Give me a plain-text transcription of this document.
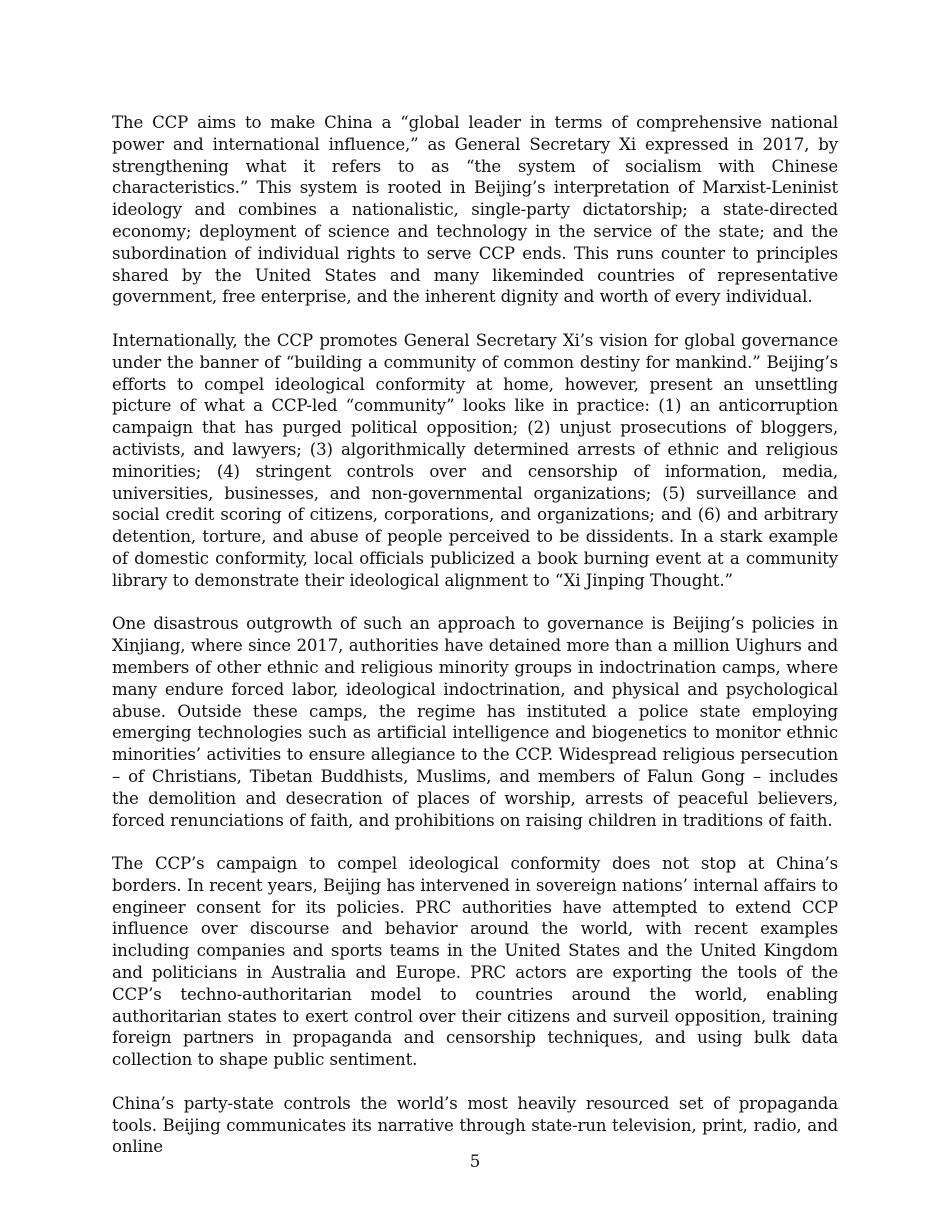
The CCP aims to make China a “global leader in terms of comprehensive national power and international influence,” as General Secretary Xi expressed in 2017, by strengthening what it refers to as “the system of socialism with Chinese characteristics.” This system is rooted in Beijing’s interpretation of Marxist-Leninist ideology and combines a nationalistic, single-party dictatorship; a state-directed economy; deployment of science and technology in the service of the state; and the subordination of individual rights to serve CCP ends. This runs counter to principles shared by the United States and many likeminded countries of representative government, free enterprise, and the inherent dignity and worth of every individual.

Internationally, the CCP promotes General Secretary Xi’s vision for global governance under the banner of “building a community of common destiny for mankind.” Beijing’s efforts to compel ideological conformity at home, however, present an unsettling picture of what a CCP-led “community” looks like in practice: (1) an anticorruption campaign that has purged political opposition; (2) unjust prosecutions of bloggers, activists, and lawyers; (3) algorithmically determined arrests of ethnic and religious minorities; (4) stringent controls over and censorship of information, media, universities, businesses, and non-governmental organizations; (5) surveillance and social credit scoring of citizens, corporations, and organizations; and (6) and arbitrary detention, torture, and abuse of people perceived to be dissidents. In a stark example of domestic conformity, local officials publicized a book burning event at a community library to demonstrate their ideological alignment to “Xi Jinping Thought.”

One disastrous outgrowth of such an approach to governance is Beijing’s policies in Xinjiang, where since 2017, authorities have detained more than a million Uighurs and members of other ethnic and religious minority groups in indoctrination camps, where many endure forced labor, ideological indoctrination, and physical and psychological abuse. Outside these camps, the regime has instituted a police state employing emerging technologies such as artificial intelligence and biogenetics to monitor ethnic minorities’ activities to ensure allegiance to the CCP. Widespread religious persecution – of Christians, Tibetan Buddhists, Muslims, and members of Falun Gong – includes the demolition and desecration of places of worship, arrests of peaceful believers, forced renunciations of faith, and prohibitions on raising children in traditions of faith.

The CCP’s campaign to compel ideological conformity does not stop at China’s borders. In recent years, Beijing has intervened in sovereign nations’ internal affairs to engineer consent for its policies. PRC authorities have attempted to extend CCP influence over discourse and behavior around the world, with recent examples including companies and sports teams in the United States and the United Kingdom and politicians in Australia and Europe. PRC actors are exporting the tools of the CCP’s techno-authoritarian model to countries around the world, enabling authoritarian states to exert control over their citizens and surveil opposition, training foreign partners in propaganda and censorship techniques, and using bulk data collection to shape public sentiment.

China’s party-state controls the world’s most heavily resourced set of propaganda tools. Beijing communicates its narrative through state-run television, print, radio, and online

5
